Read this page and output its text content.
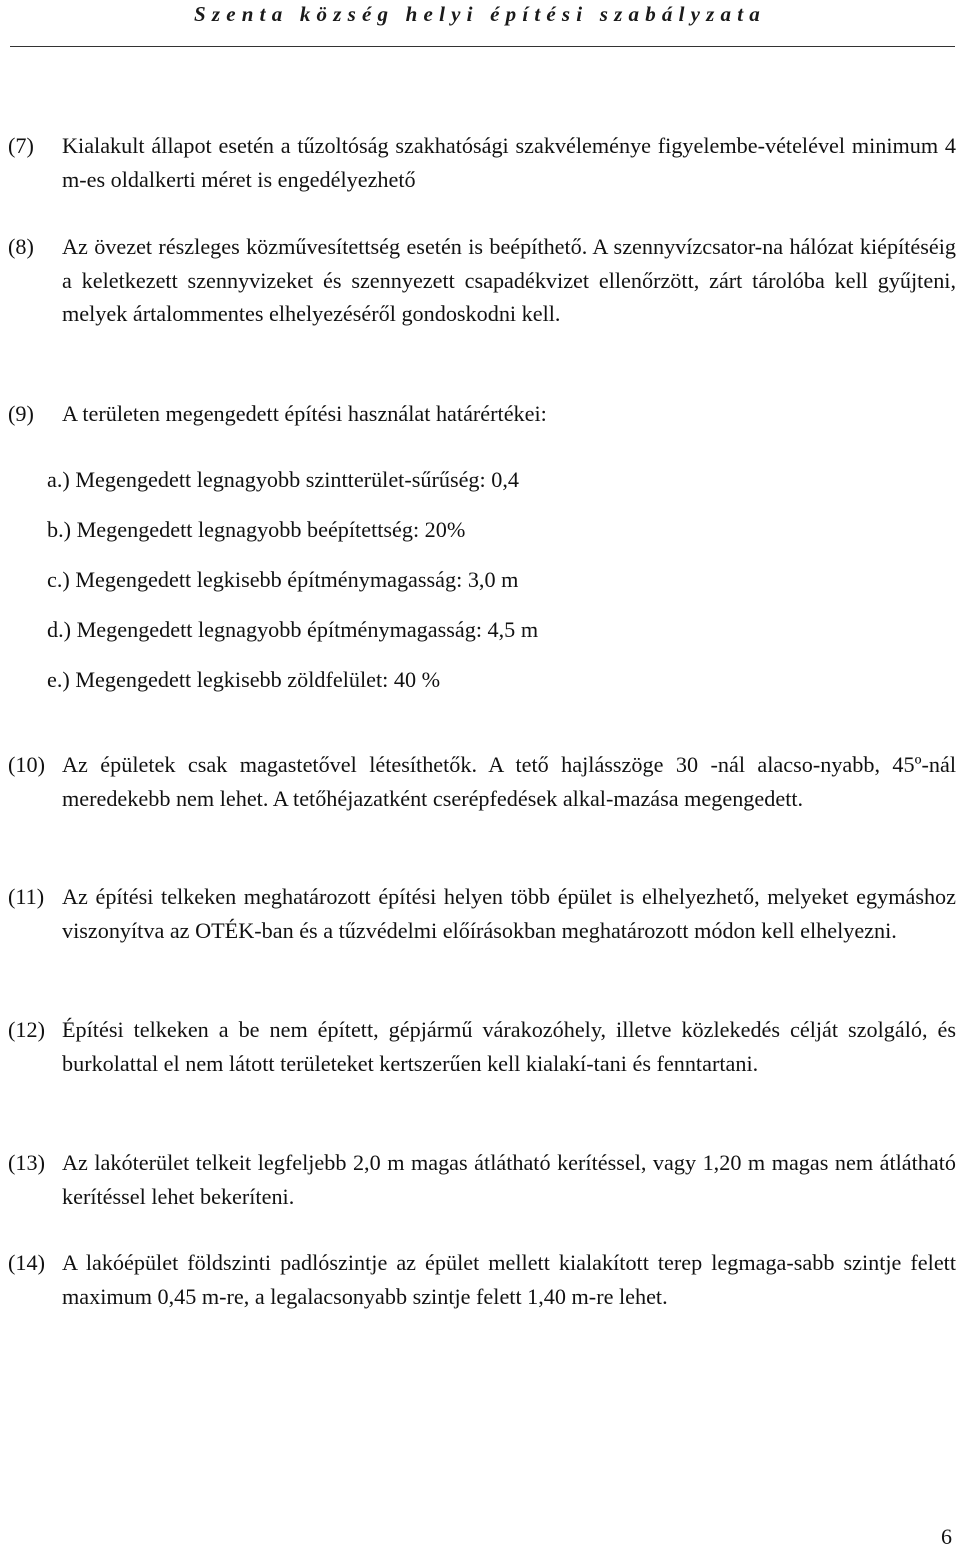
Szenta község helyi építési szabályzata
(7) Kialakult állapot esetén a tűzoltóság szakhatósági szakvéleménye figyelembe-vételével minimum 4 m-es oldalkerti méret is engedélyezhető
(8) Az övezet részleges közművesítettség esetén is beépíthető. A szennyvízcsator-na hálózat kiépítéséig a keletkezett szennyvizeket és szennyezett csapadékvizet ellenőrzött, zárt tárolóba kell gyűjteni, melyek ártalommentes elhelyezéséről gondoskodni kell.
(9) A területen megengedett építési használat határértékei:
a.) Megengedett legnagyobb szintterület-sűrűség: 0,4
b.) Megengedett legnagyobb beépítettség: 20%
c.) Megengedett legkisebb építménymagasság: 3,0 m
d.) Megengedett legnagyobb építménymagasság: 4,5 m
e.) Megengedett legkisebb zöldfelület: 40 %
(10) Az épületek csak magastetővel létesíthetők. A tető hajlásszöge 30 -nál alacso-nyabb, 45º-nál meredekebb nem lehet. A tetőhéjazatként cserépfedések alkal-mazása megengedett.
(11) Az építési telkeken meghatározott építési helyen több épület is elhelyezhető, melyeket egymáshoz viszonyítva az OTÉK-ban és a tűzvédelmi előírásokban meghatározott módon kell elhelyezni.
(12) Építési telkeken a be nem épített, gépjármű várakozóhely, illetve közlekedés célját szolgáló, és burkolattal el nem látott területeket kertszerűen kell kialakí-tani és fenntartani.
(13) Az lakóterület telkeit legfeljebb 2,0 m magas átlátható kerítéssel, vagy 1,20 m magas nem átlátható kerítéssel lehet bekeríteni.
(14) A lakóépület földszinti padlószintje az épület mellett kialakított terep legmaga-sabb szintje felett maximum 0,45 m-re, a legalacsonyabb szintje felett 1,40 m-re lehet.
6
